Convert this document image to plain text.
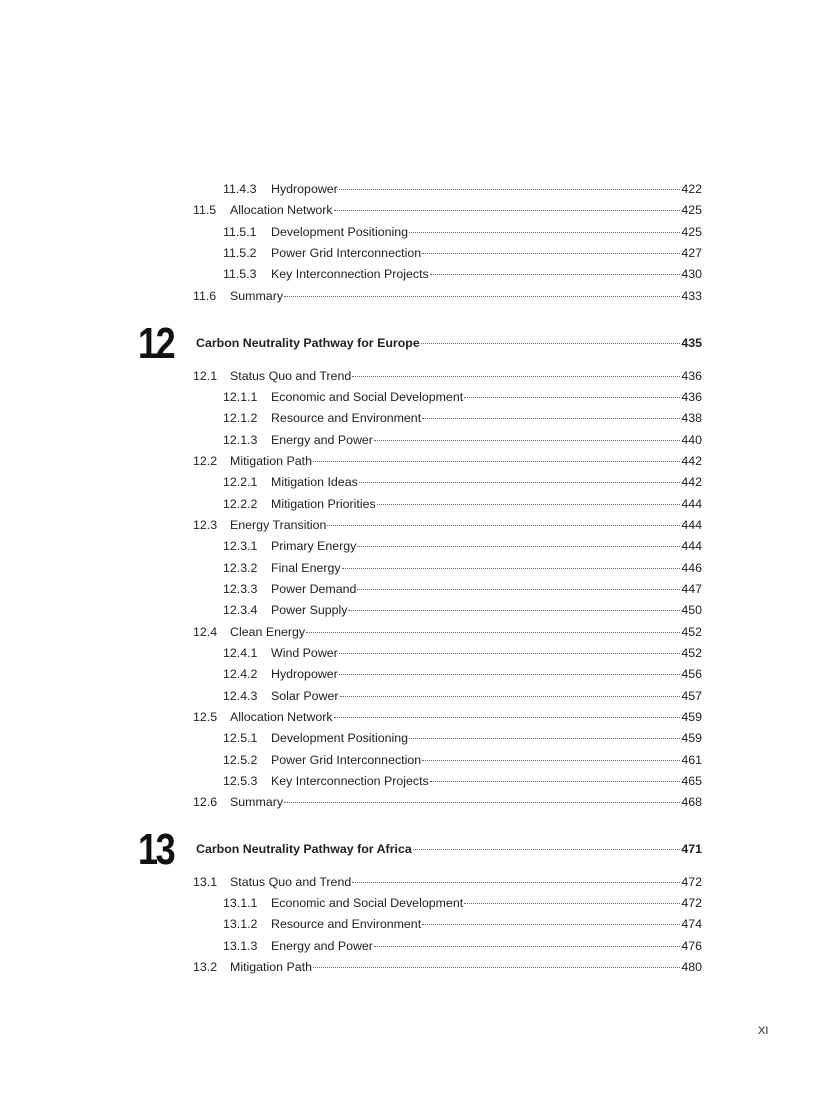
11.4.3 Hydropower	422
11.5 Allocation Network	425
11.5.1 Development Positioning	425
11.5.2 Power Grid Interconnection	427
11.5.3 Key Interconnection Projects	430
11.6 Summary	433
12 Carbon Neutrality Pathway for Europe	435
12.1 Status Quo and Trend	436
12.1.1 Economic and Social Development	436
12.1.2 Resource and Environment	438
12.1.3 Energy and Power	440
12.2 Mitigation Path	442
12.2.1 Mitigation Ideas	442
12.2.2 Mitigation Priorities	444
12.3 Energy Transition	444
12.3.1 Primary Energy	444
12.3.2 Final Energy	446
12.3.3 Power Demand	447
12.3.4 Power Supply	450
12.4 Clean Energy	452
12.4.1 Wind Power	452
12.4.2 Hydropower	456
12.4.3 Solar Power	457
12.5 Allocation Network	459
12.5.1 Development Positioning	459
12.5.2 Power Grid Interconnection	461
12.5.3 Key Interconnection Projects	465
12.6 Summary	468
13 Carbon Neutrality Pathway for Africa	471
13.1 Status Quo and Trend	472
13.1.1 Economic and Social Development	472
13.1.2 Resource and Environment	474
13.1.3 Energy and Power	476
13.2 Mitigation Path	480
XI
